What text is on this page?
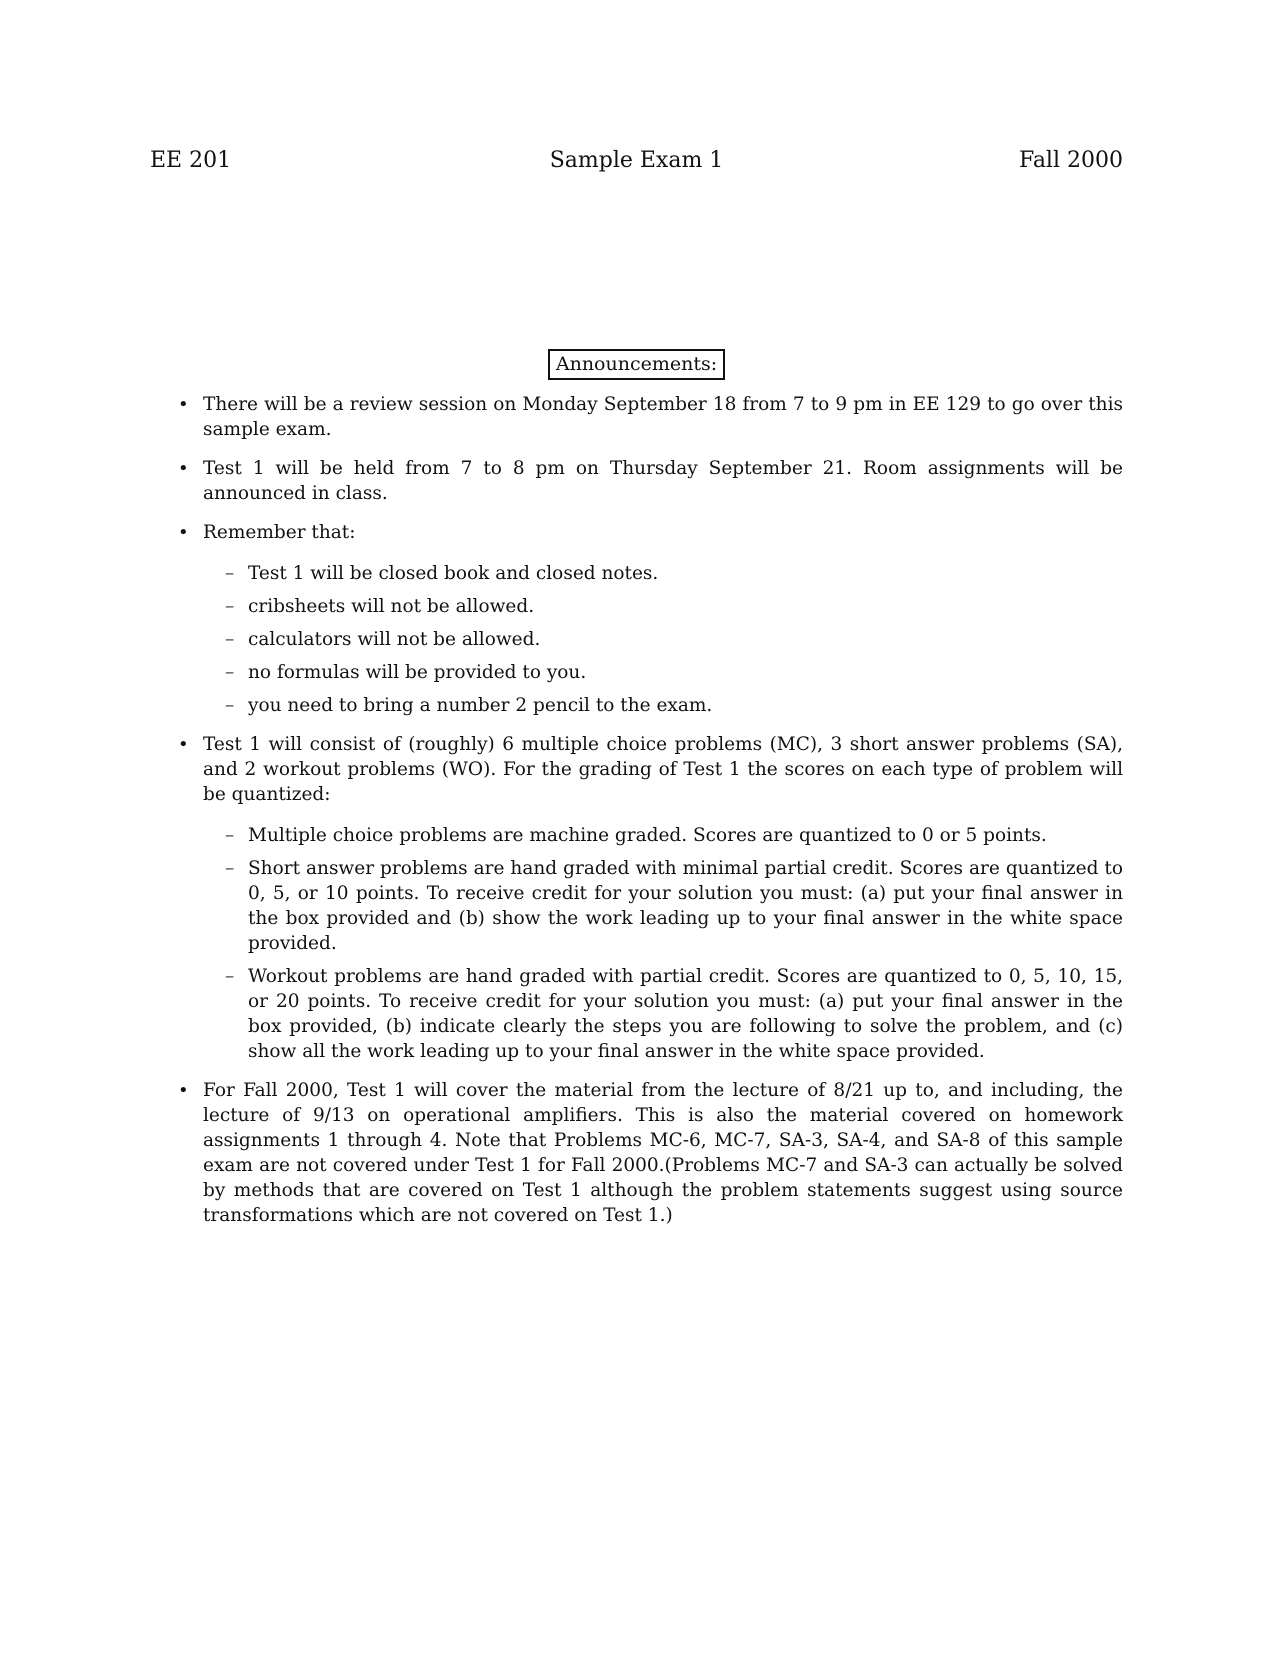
EE 201	Sample Exam 1	Fall 2000
Announcements:
• There will be a review session on Monday September 18 from 7 to 9 pm in EE 129 to go over this sample exam.
• Test 1 will be held from 7 to 8 pm on Thursday September 21. Room assignments will be announced in class.
• Remember that:
– Test 1 will be closed book and closed notes.
– cribsheets will not be allowed.
– calculators will not be allowed.
– no formulas will be provided to you.
– you need to bring a number 2 pencil to the exam.
• Test 1 will consist of (roughly) 6 multiple choice problems (MC), 3 short answer problems (SA), and 2 workout problems (WO). For the grading of Test 1 the scores on each type of problem will be quantized:
– Multiple choice problems are machine graded. Scores are quantized to 0 or 5 points.
– Short answer problems are hand graded with minimal partial credit. Scores are quantized to 0, 5, or 10 points. To receive credit for your solution you must: (a) put your final answer in the box provided and (b) show the work leading up to your final answer in the white space provided.
– Workout problems are hand graded with partial credit. Scores are quantized to 0, 5, 10, 15, or 20 points. To receive credit for your solution you must: (a) put your final answer in the box provided, (b) indicate clearly the steps you are following to solve the problem, and (c) show all the work leading up to your final answer in the white space provided.
• For Fall 2000, Test 1 will cover the material from the lecture of 8/21 up to, and including, the lecture of 9/13 on operational amplifiers. This is also the material covered on homework assignments 1 through 4. Note that Problems MC-6, MC-7, SA-3, SA-4, and SA-8 of this sample exam are not covered under Test 1 for Fall 2000.(Problems MC-7 and SA-3 can actually be solved by methods that are covered on Test 1 although the problem statements suggest using source transformations which are not covered on Test 1.)
